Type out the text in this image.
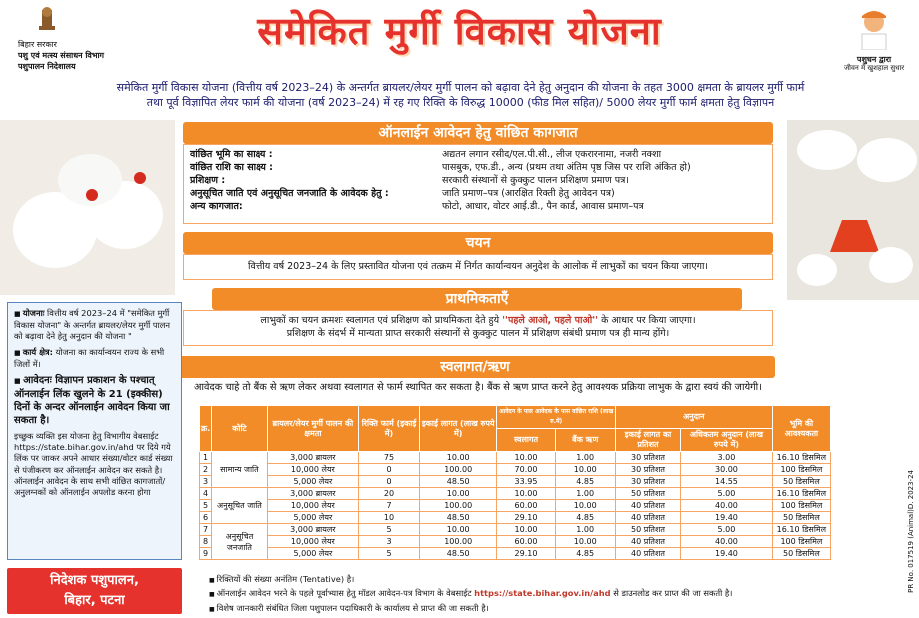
बिहार सरकार
पशु एवं मत्स्य संसाधन विभाग
पशुपालन निदेशालय
पशुधन द्वारा
जीवन में खुशहाल सुधार
समेकित मुर्गी विकास योजना
समेकित मुर्गी विकास योजना (वित्तीय वर्ष 2023–24) के अन्तर्गत ब्रायलर/लेयर मुर्गी पालन को बढ़ावा देने हेतु अनुदान की योजना के तहत 3000 क्षमता के ब्रायलर मुर्गी फार्म
तथा पूर्व विज्ञापित लेयर फार्म की योजना (वर्ष 2023–24) में रह गए रिक्ति के विरुद्ध 10000 (फीड मिल सहित)/ 5000 लेयर मुर्गी फार्म क्षमता हेतु विज्ञापन
ऑनलाईन आवेदन हेतु वांछित कागजात
वांछित भूमि का साक्ष्य :	अद्यतन लगान रसीद/एल.पी.सी., लीज एकरारनामा, नजरी नक्शा
वांछित राशि का साक्ष्य :	पासबुक, एफ.डी., अन्य (प्रथम तथा अंतिम पृष्ठ जिस पर राशि अंकित हो)
प्रशिक्षण :	सरकारी संस्थानों से कुक्कुट पालन प्रशिक्षण प्रमाण पत्र।
अनुसूचित जाति एवं अनुसूचित जनजाति के आवेदक हेतु :	जाति प्रमाण–पत्र (आरक्षित रिक्ती हेतु आवेदन पत्र)
अन्य कागजात:	फोटो, आधार, वोटर आई.डी., पैन कार्ड, आवास प्रमाण–पत्र
चयन
वित्तीय वर्ष 2023–24 के लिए प्रस्तावित योजना एवं तत्क्रम में निर्गत कार्यान्वयन अनुदेश के आलोक में लाभुकों का चयन किया जाएगा।
प्राथमिकताएँ
लाभुकों का चयन क्रमशः स्वलागत एवं प्रशिक्षण को प्राथमिकता देते हुये ''पहले आओ, पहले पाओ'' के आधार पर किया जाएगा।
प्रशिक्षण के संदर्भ में मान्यता प्राप्त सरकारी संस्थानों से कुक्कुट पालन में प्रशिक्षण संबंधी प्रमाण पत्र ही मान्य होंगे।
स्वलागत/ऋण
आवेदक चाहे तो बैंक से ऋण लेकर अथवा स्वलागत से फार्म स्थापित कर सकता है। बैंक से ऋण प्राप्त करने हेतु आवश्यक प्रक्रिया लाभुक के द्वारा स्वयं की जायेगी।
क्र.	कोटि	ब्रायलर/लेयर मुर्गी पालन की क्षमता	रिक्ति फार्म (इकाई में)	इकाई लागत (लाख रुपये में)	आवेदन के पास आवेदक के पास वांछित राशि (लाख रु.में)		अनुदान		भूमि की आवश्यकता
					स्वलागत	बैंक ऋण	इकाई लागत का प्रतिशत	अधिकतम अनुदान (लाख रुपये में)	
1	सामान्य जाति	3,000 ब्रायलर	75	10.00	10.00	1.00	30 प्रतिशत	3.00	16.10 डिसमिल
2		10,000 लेयर	0	100.00	70.00	10.00	30 प्रतिशत	30.00	100 डिसमिल
3		5,000 लेयर	0	48.50	33.95	4.85	30 प्रतिशत	14.55	50 डिसमिल
4	अनुसूचित जाति	3,000 ब्रायलर	20	10.00	10.00	1.00	50 प्रतिशत	5.00	16.10 डिसमिल
5		10,000 लेयर	7	100.00	60.00	10.00	40 प्रतिशत	40.00	100 डिसमिल
6		5,000 लेयर	10	48.50	29.10	4.85	40 प्रतिशत	19.40	50 डिसमिल
7	अनुसूचित जनजाति	3,000 ब्रायलर	5	10.00	10.00	1.00	50 प्रतिशत	5.00	16.10 डिसमिल
8		10,000 लेयर	3	100.00	60.00	10.00	40 प्रतिशत	40.00	100 डिसमिल
9		5,000 लेयर	5	48.50	29.10	4.85	40 प्रतिशत	19.40	50 डिसमिल

■ योजनाः वित्तीय वर्ष 2023–24 में "समेकित मुर्गी विकास योजना" के अन्तर्गत ब्रायलर/लेयर मुर्गी पालन को बढ़ावा देने हेतु अनुदान की योजना "

■ कार्य क्षेत्र: योजना का कार्यान्वयन राज्य के सभी जिलों में।

■ आवेदनः विज्ञापन प्रकाशन के पश्चात् ऑनलाईन लिंक खुलने के 21 (इक्कीस) दिनों के अन्दर ऑनलाईन आवेदन किया जा सकता है।

इच्छुक व्यक्ति इस योजना हेतु विभागीय वेबसाईट https://state.bihar.gov.in/ahd पर दिये गये लिंक पर जाकर अपने आधार संख्या/वोटर कार्ड संख्या से पंजीकरण कर ऑनलाईन आवेदन कर सकते है। ऑनलाईन आवेदन के साथ सभी वांछित कागजातों/अनुलग्नकों को ऑनलाईन अपलोड करना होगा

निदेशक पशुपालन,
बिहार, पटना
■ रिक्तियों की संख्या अनंतिम (Tentative) है।
■ ऑनलाईन आवेदन भरने के पहले पूर्वाभ्यास हेतु मॉडल आवेदन-पत्र विभाग के वेबसाईट https://state.bihar.gov.in/ahd से डाउनलोड कर प्राप्त की जा सकती है।
■ विशेष जानकारी संबंधित जिला पशुपालन पदाधिकारी के कार्यालय से प्राप्त की जा सकती है।
PR No. 017519 (Animal)D. 2023-24
